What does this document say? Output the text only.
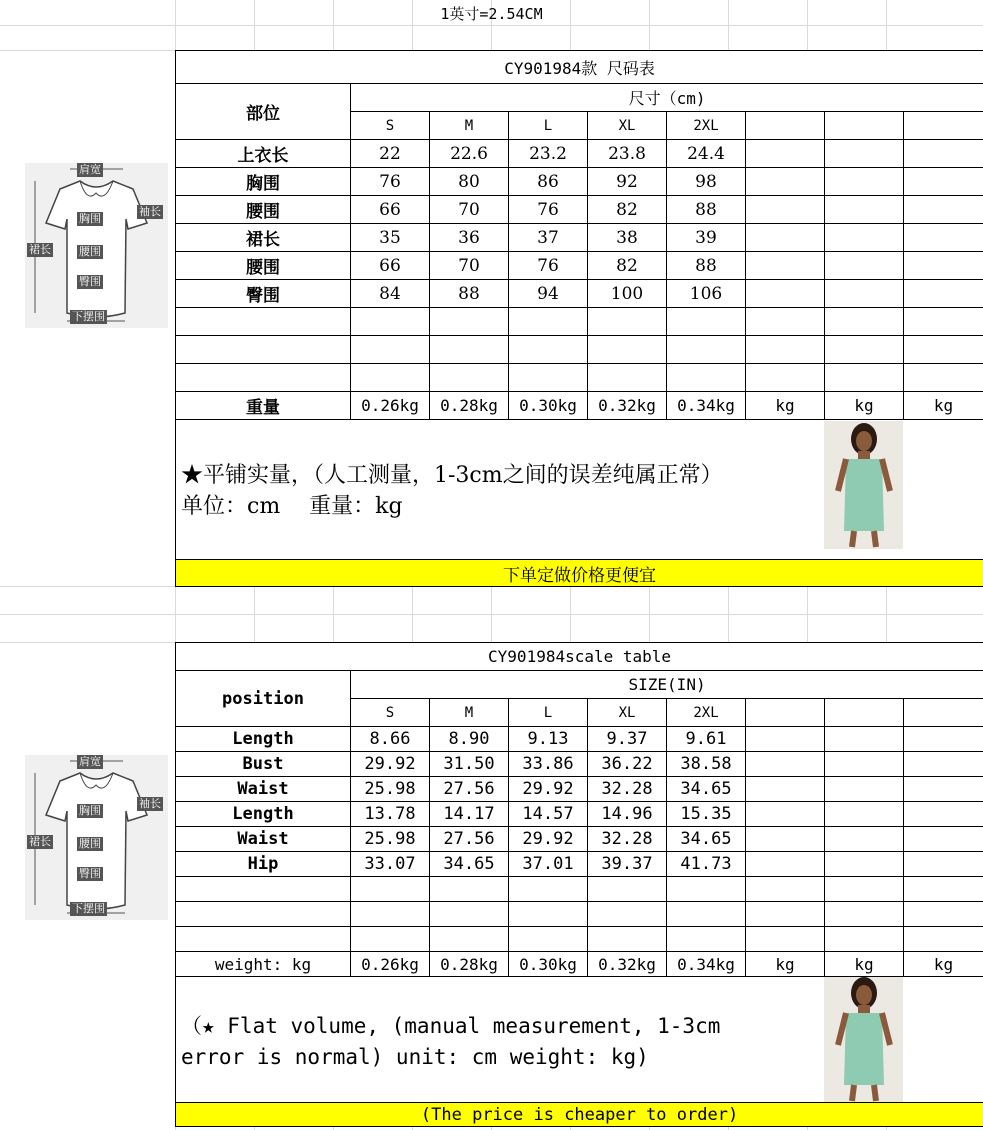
1英寸=2.54CM
肩宽
袖长
胸围
腰围
裙长
臀围
下摆围
肩宽
袖长
胸围
腰围
裙长
臀围
下摆围
CY901984款 尺码表								
部位	尺寸（cm)							
	S	M	L	XL	2XL			
上衣长	22	22.6	23.2	23.8	24.4			
胸围	76	80	86	92	98			
腰围	66	70	76	82	88			
裙长	35	36	37	38	39			
腰围	66	70	76	82	88			
臀围	84	88	94	100	106			

重量	0.26kg	0.28kg	0.30kg	0.32kg	0.34kg	kg	kg	kg

★平铺实量，（人工测量，1-3cm之间的误差纯属正常）
单位：cm　 重量：kg								

下单定做价格更便宜								
CY901984scale table								
position	SIZE(IN)							
	S	M	L	XL	2XL			
Length	8.66	8.90	9.13	9.37	9.61			
Bust	29.92	31.50	33.86	36.22	38.58			
Waist	25.98	27.56	29.92	32.28	34.65			
Length	13.78	14.17	14.57	14.96	15.35			
Waist	25.98	27.56	29.92	32.28	34.65			
Hip	33.07	34.65	37.01	39.37	41.73			

weight: kg	0.26kg	0.28kg	0.30kg	0.32kg	0.34kg	kg	kg	kg

（★ Flat volume, (manual measurement, 1-3cm error is normal) unit: cm weight: kg)								

(The price is cheaper to order)								
